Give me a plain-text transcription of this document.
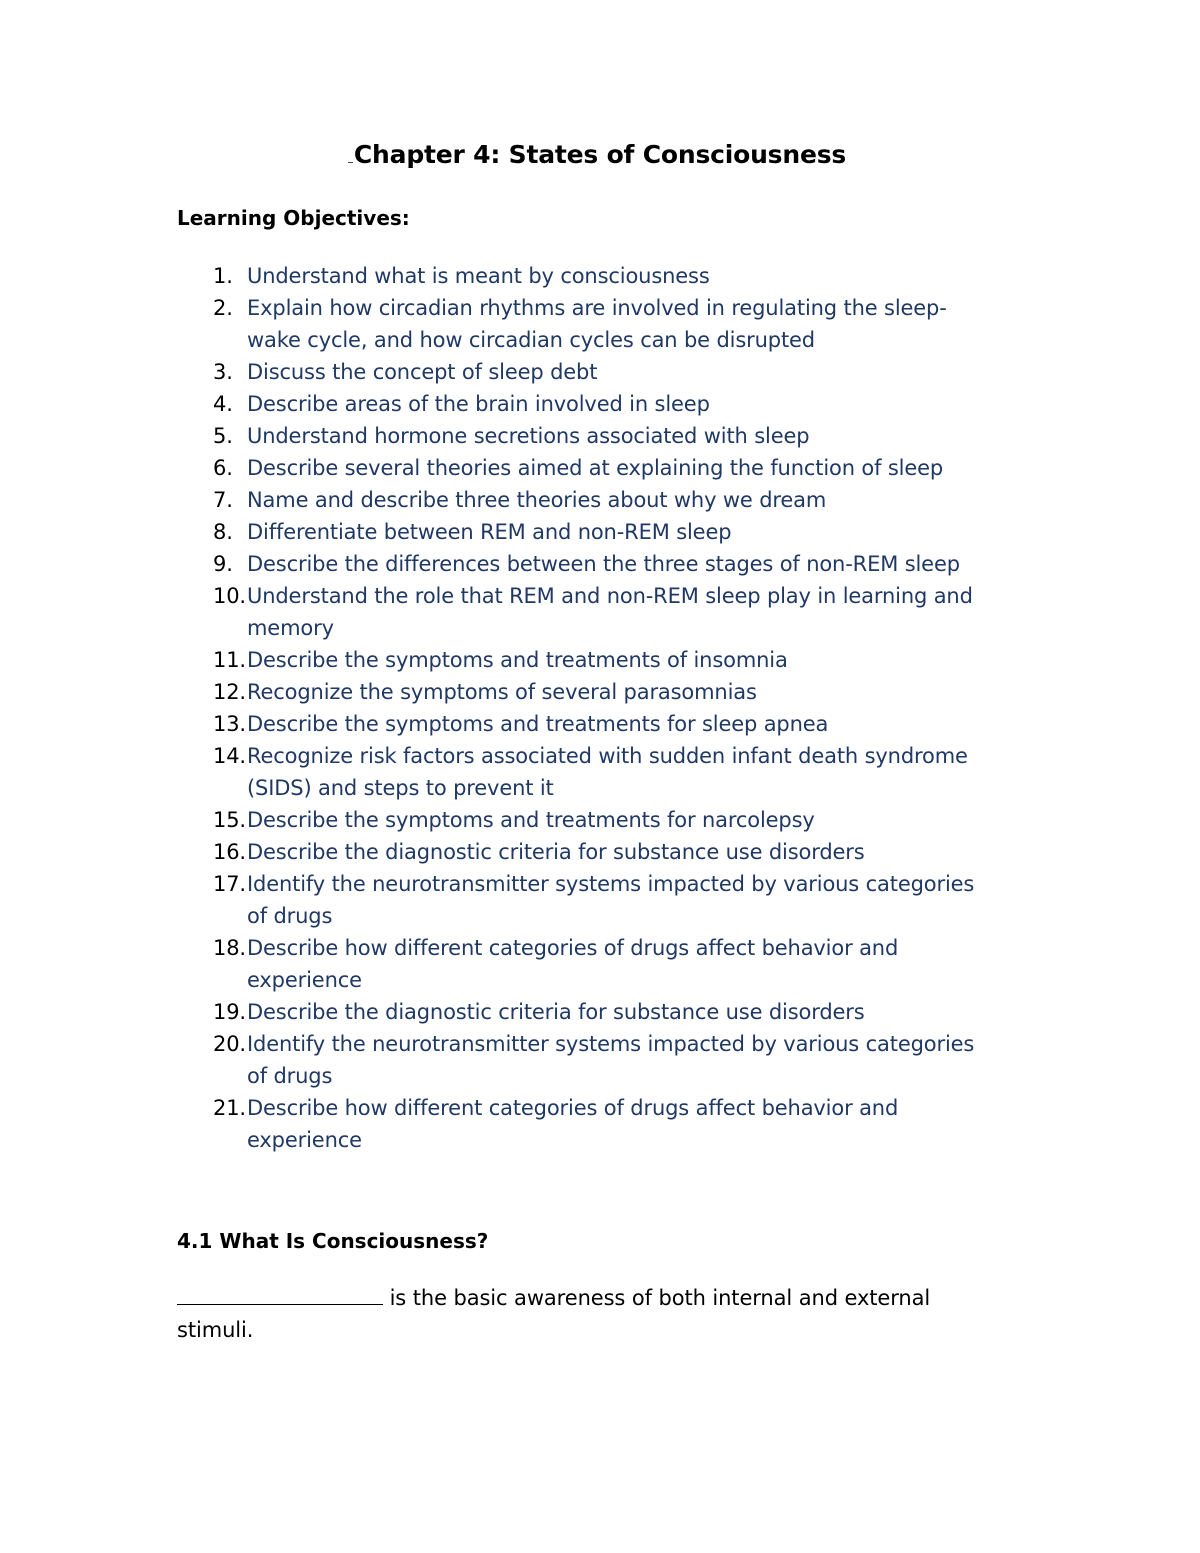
Chapter 4: States of Consciousness
Learning Objectives:
1. Understand what is meant by consciousness
2. Explain how circadian rhythms are involved in regulating the sleep-
wake cycle, and how circadian cycles can be disrupted
3. Discuss the concept of sleep debt
4. Describe areas of the brain involved in sleep
5. Understand hormone secretions associated with sleep
6. Describe several theories aimed at explaining the function of sleep
7. Name and describe three theories about why we dream
8. Differentiate between REM and non-REM sleep
9. Describe the differences between the three stages of non-REM sleep
10. Understand the role that REM and non-REM sleep play in learning and
memory
11. Describe the symptoms and treatments of insomnia
12. Recognize the symptoms of several parasomnias
13. Describe the symptoms and treatments for sleep apnea
14. Recognize risk factors associated with sudden infant death syndrome
(SIDS) and steps to prevent it
15. Describe the symptoms and treatments for narcolepsy
16. Describe the diagnostic criteria for substance use disorders
17. Identify the neurotransmitter systems impacted by various categories
of drugs
18. Describe how different categories of drugs affect behavior and
experience
19. Describe the diagnostic criteria for substance use disorders
20. Identify the neurotransmitter systems impacted by various categories
of drugs
21. Describe how different categories of drugs affect behavior and
experience
4.1 What Is Consciousness?
is the basic awareness of both internal and external stimuli.
